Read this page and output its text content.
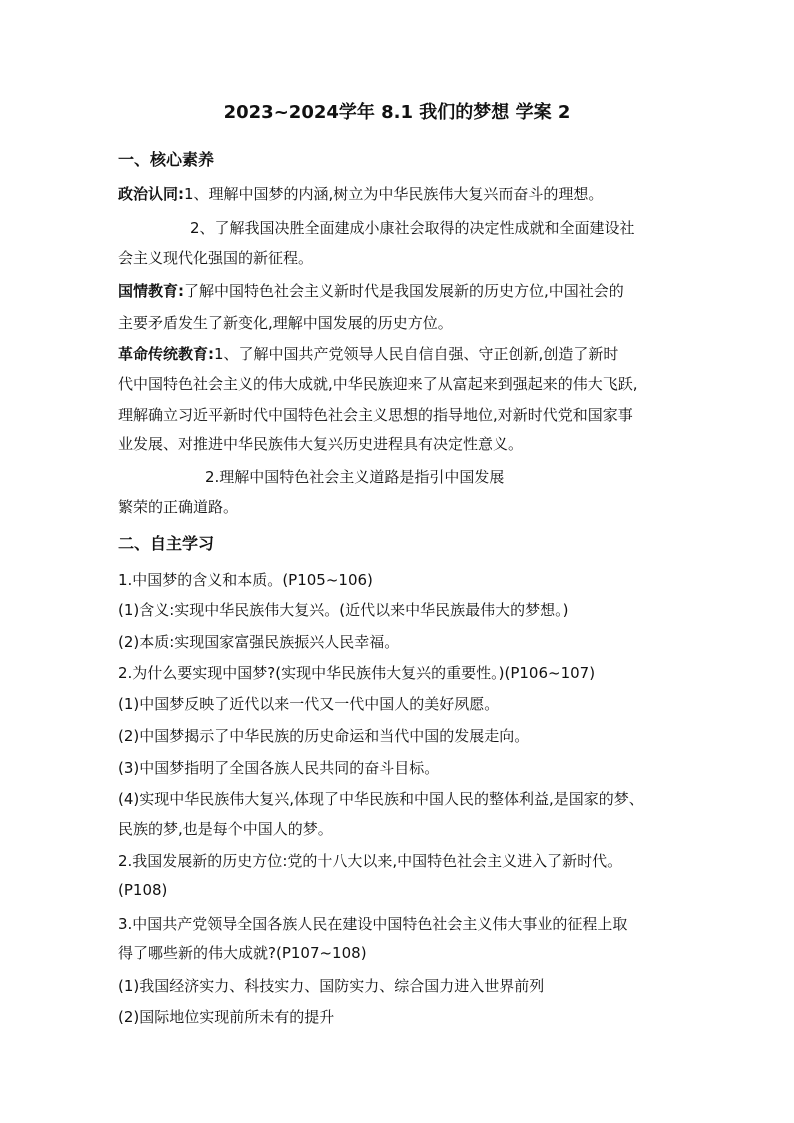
2023~2024学年 8.1 我们的梦想 学案 2

一、核心素养

政治认同:1、理解中国梦的内涵,树立为中华民族伟大复兴而奋斗的理想。

2、了解我国决胜全面建成小康社会取得的决定性成就和全面建设社

会主义现代化强国的新征程。

国情教育:了解中国特色社会主义新时代是我国发展新的历史方位,中国社会的

主要矛盾发生了新变化,理解中国发展的历史方位。

革命传统教育:1、了解中国共产党领导人民自信自强、守正创新,创造了新时

代中国特色社会主义的伟大成就,中华民族迎来了从富起来到强起来的伟大飞跃,

理解确立习近平新时代中国特色社会主义思想的指导地位,对新时代党和国家事

业发展、对推进中华民族伟大复兴历史进程具有决定性意义。

2.理解中国特色社会主义道路是指引中国发展

繁荣的正确道路。

二、自主学习

1.中国梦的含义和本质。(P105~106)

(1)含义:实现中华民族伟大复兴。(近代以来中华民族最伟大的梦想。)

(2)本质:实现国家富强民族振兴人民幸福。

2.为什么要实现中国梦?(实现中华民族伟大复兴的重要性。)(P106~107)

(1)中国梦反映了近代以来一代又一代中国人的美好夙愿。

(2)中国梦揭示了中华民族的历史命运和当代中国的发展走向。

(3)中国梦指明了全国各族人民共同的奋斗目标。

(4)实现中华民族伟大复兴,体现了中华民族和中国人民的整体利益,是国家的梦、

民族的梦,也是每个中国人的梦。

2.我国发展新的历史方位:党的十八大以来,中国特色社会主义进入了新时代。

(P108)

3.中国共产党领导全国各族人民在建设中国特色社会主义伟大事业的征程上取

得了哪些新的伟大成就?(P107~108)

(1)我国经济实力、科技实力、国防实力、综合国力进入世界前列

(2)国际地位实现前所未有的提升
